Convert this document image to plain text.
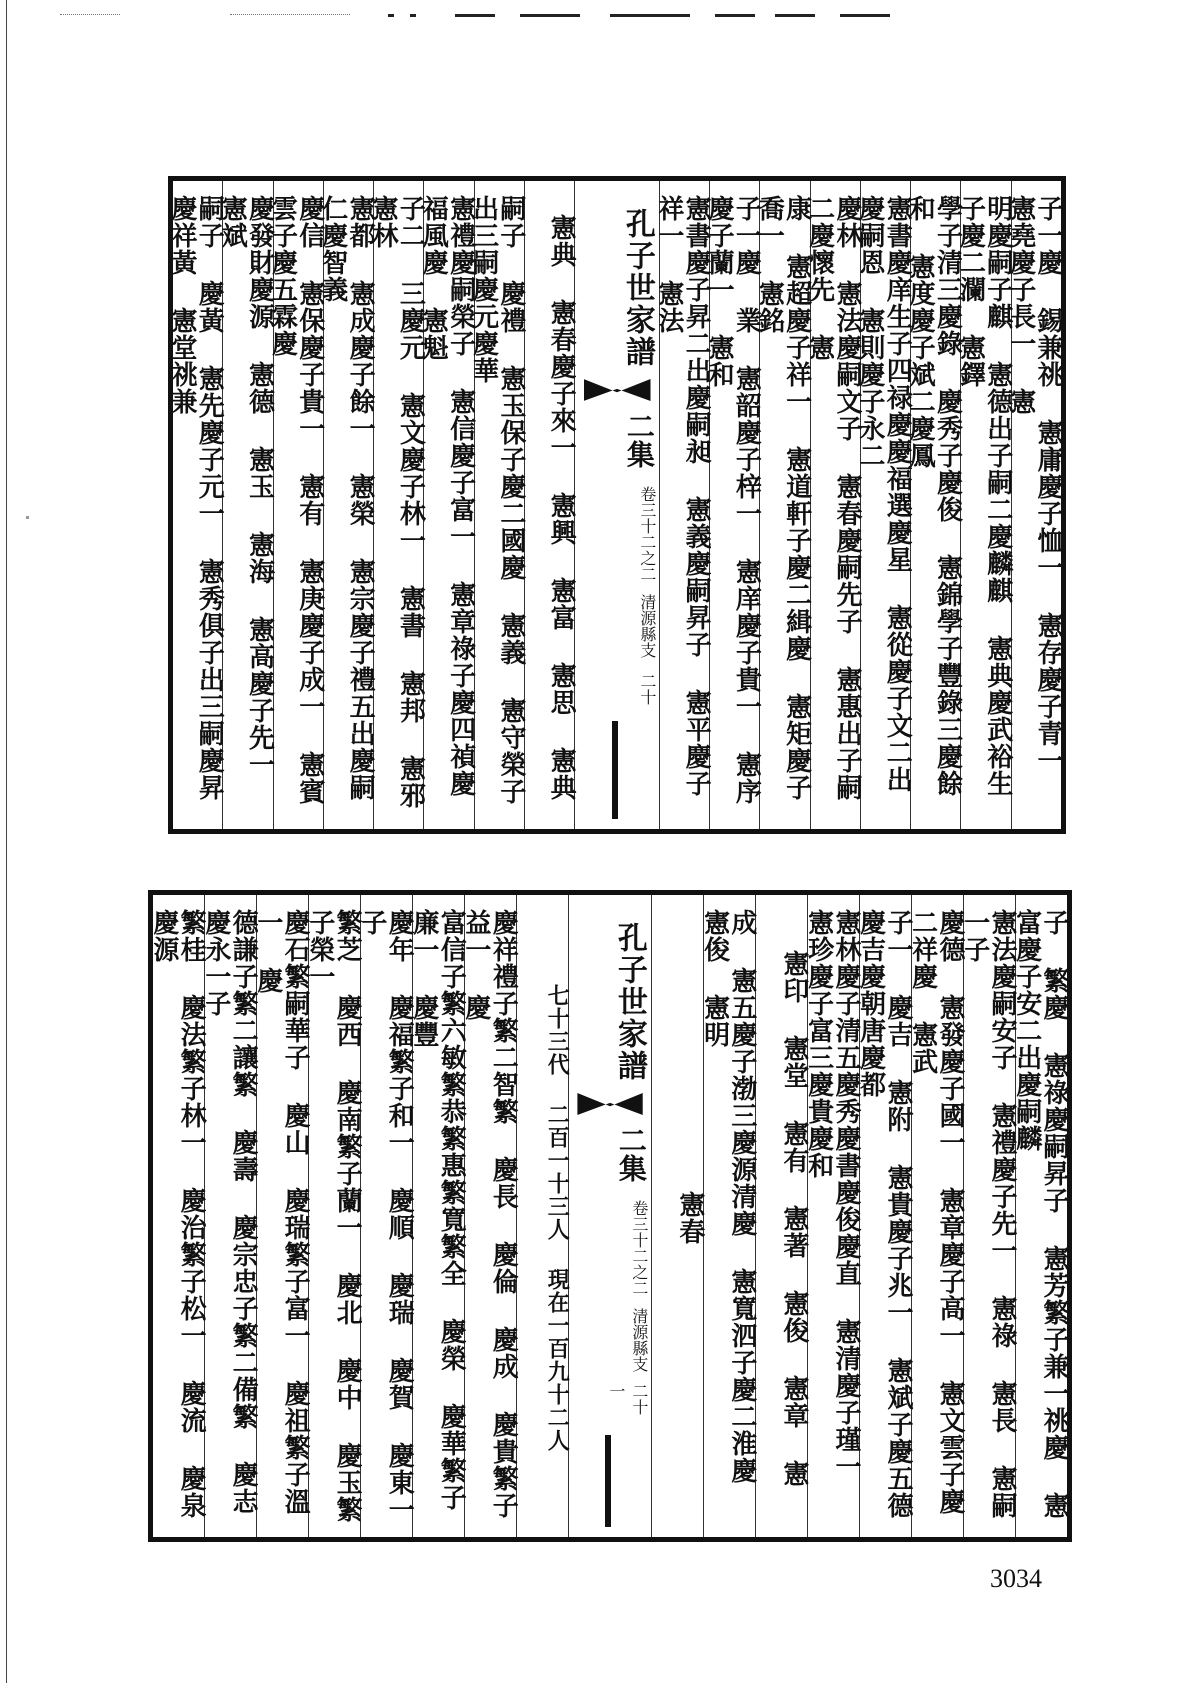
子一慶 錫兼祧 憲庸慶子恤一 憲存慶子青一 憲堯慶子長一 憲
明慶嗣子麒 憲德出子嗣二慶麟麒 憲典慶武裕生子慶二瀾 憲鐸
學子清三慶錄 慶秀子慶俊 憲錦學子豐錄三慶餘和 憲度慶子斌二慶鳳
憲書慶庠生子四禄慶慶福選慶星 憲從慶子文二出慶嗣恩 憲則慶子永二
慶林 憲法慶嗣文子 憲春慶嗣先子 憲惠出子嗣二慶懷先 憲
康 憲超慶子祥一 憲道軒子慶二緝慶 憲矩慶子喬一 憲銘
子一慶 業 憲韶慶子梓一 憲庠慶子貴一 憲序慶子蘭一 憲和
憲書慶子昇二出慶嗣昶 憲義慶嗣昇子 憲平慶子祥一 憲法
孔子世家譜
二集
卷三十二之二
清源縣支
二十
憲典 憲春慶子來一 憲興 憲富 憲思 憲典
嗣子 慶禮 憲玉保子慶二國慶 憲義 憲守榮子出三嗣慶元慶華
憲禮慶嗣榮子 憲信慶子富一 憲章祿子慶四禎慶福風慶 憲魁
子二 三慶元 憲文慶子林一 憲書 憲邦 憲邪 憲林
憲都 憲成慶子餘一 憲榮 憲宗慶子禮五出慶嗣仁慶智義
慶信 憲保慶子貴一 憲有 憲庚慶子成一 憲賓雲子慶五霖慶
慶發財慶源 憲德 憲玉 憲海 憲高慶子先一 憲斌
嗣子 慶黃 憲先慶子元一 憲秀俱子出三嗣慶昇慶祥黃 憲堂祧兼
子 繁慶 憲祿慶嗣昇子 憲芳繁子兼一祧慶 憲富慶子安二出慶嗣麟
憲法慶嗣安子 憲禮慶子先一 憲祿 憲長 憲嗣一子
慶德 憲發慶子國一 憲章慶子高一 憲文雲子慶二祥慶 憲武
子一 慶吉 憲附 憲貴慶子兆一 憲斌子慶五德慶吉慶朝唐慶都
憲林慶子清五慶秀慶書慶俊慶直 憲清慶子瑾一 憲珍慶子富三慶貴慶和
憲印 憲堂 憲有 憲著 憲俊 憲章 憲
成 憲五慶子渤三慶源清慶 憲寬泗子慶二淮慶 憲俊 憲明
憲春
孔子世家譜
二集
卷三十二之二
清源縣支
二十一
七十三代 二百一十三人 現在一百九十二人
慶祥禮子繁二智繁 慶長 慶倫 慶成 慶貴繁子益一 慶
富信子繁六敏繁恭繁惠繁寬繁全 慶榮 慶華繁子廉一 慶豐
慶年 慶福繁子和一 慶順 慶瑞 慶賀 慶東一子
繁芝 慶西 慶南繁子蘭一 慶北 慶中 慶玉繁子榮一
慶石繁嗣華子 慶山 慶瑞繁子富一 慶祖繁子溫一 慶
德謙子繁二讓繁 慶壽 慶宗忠子繁二備繁 慶志 慶永一子
繁桂 慶法繁子林一 慶治繁子松一 慶流 慶泉 慶源
3034
